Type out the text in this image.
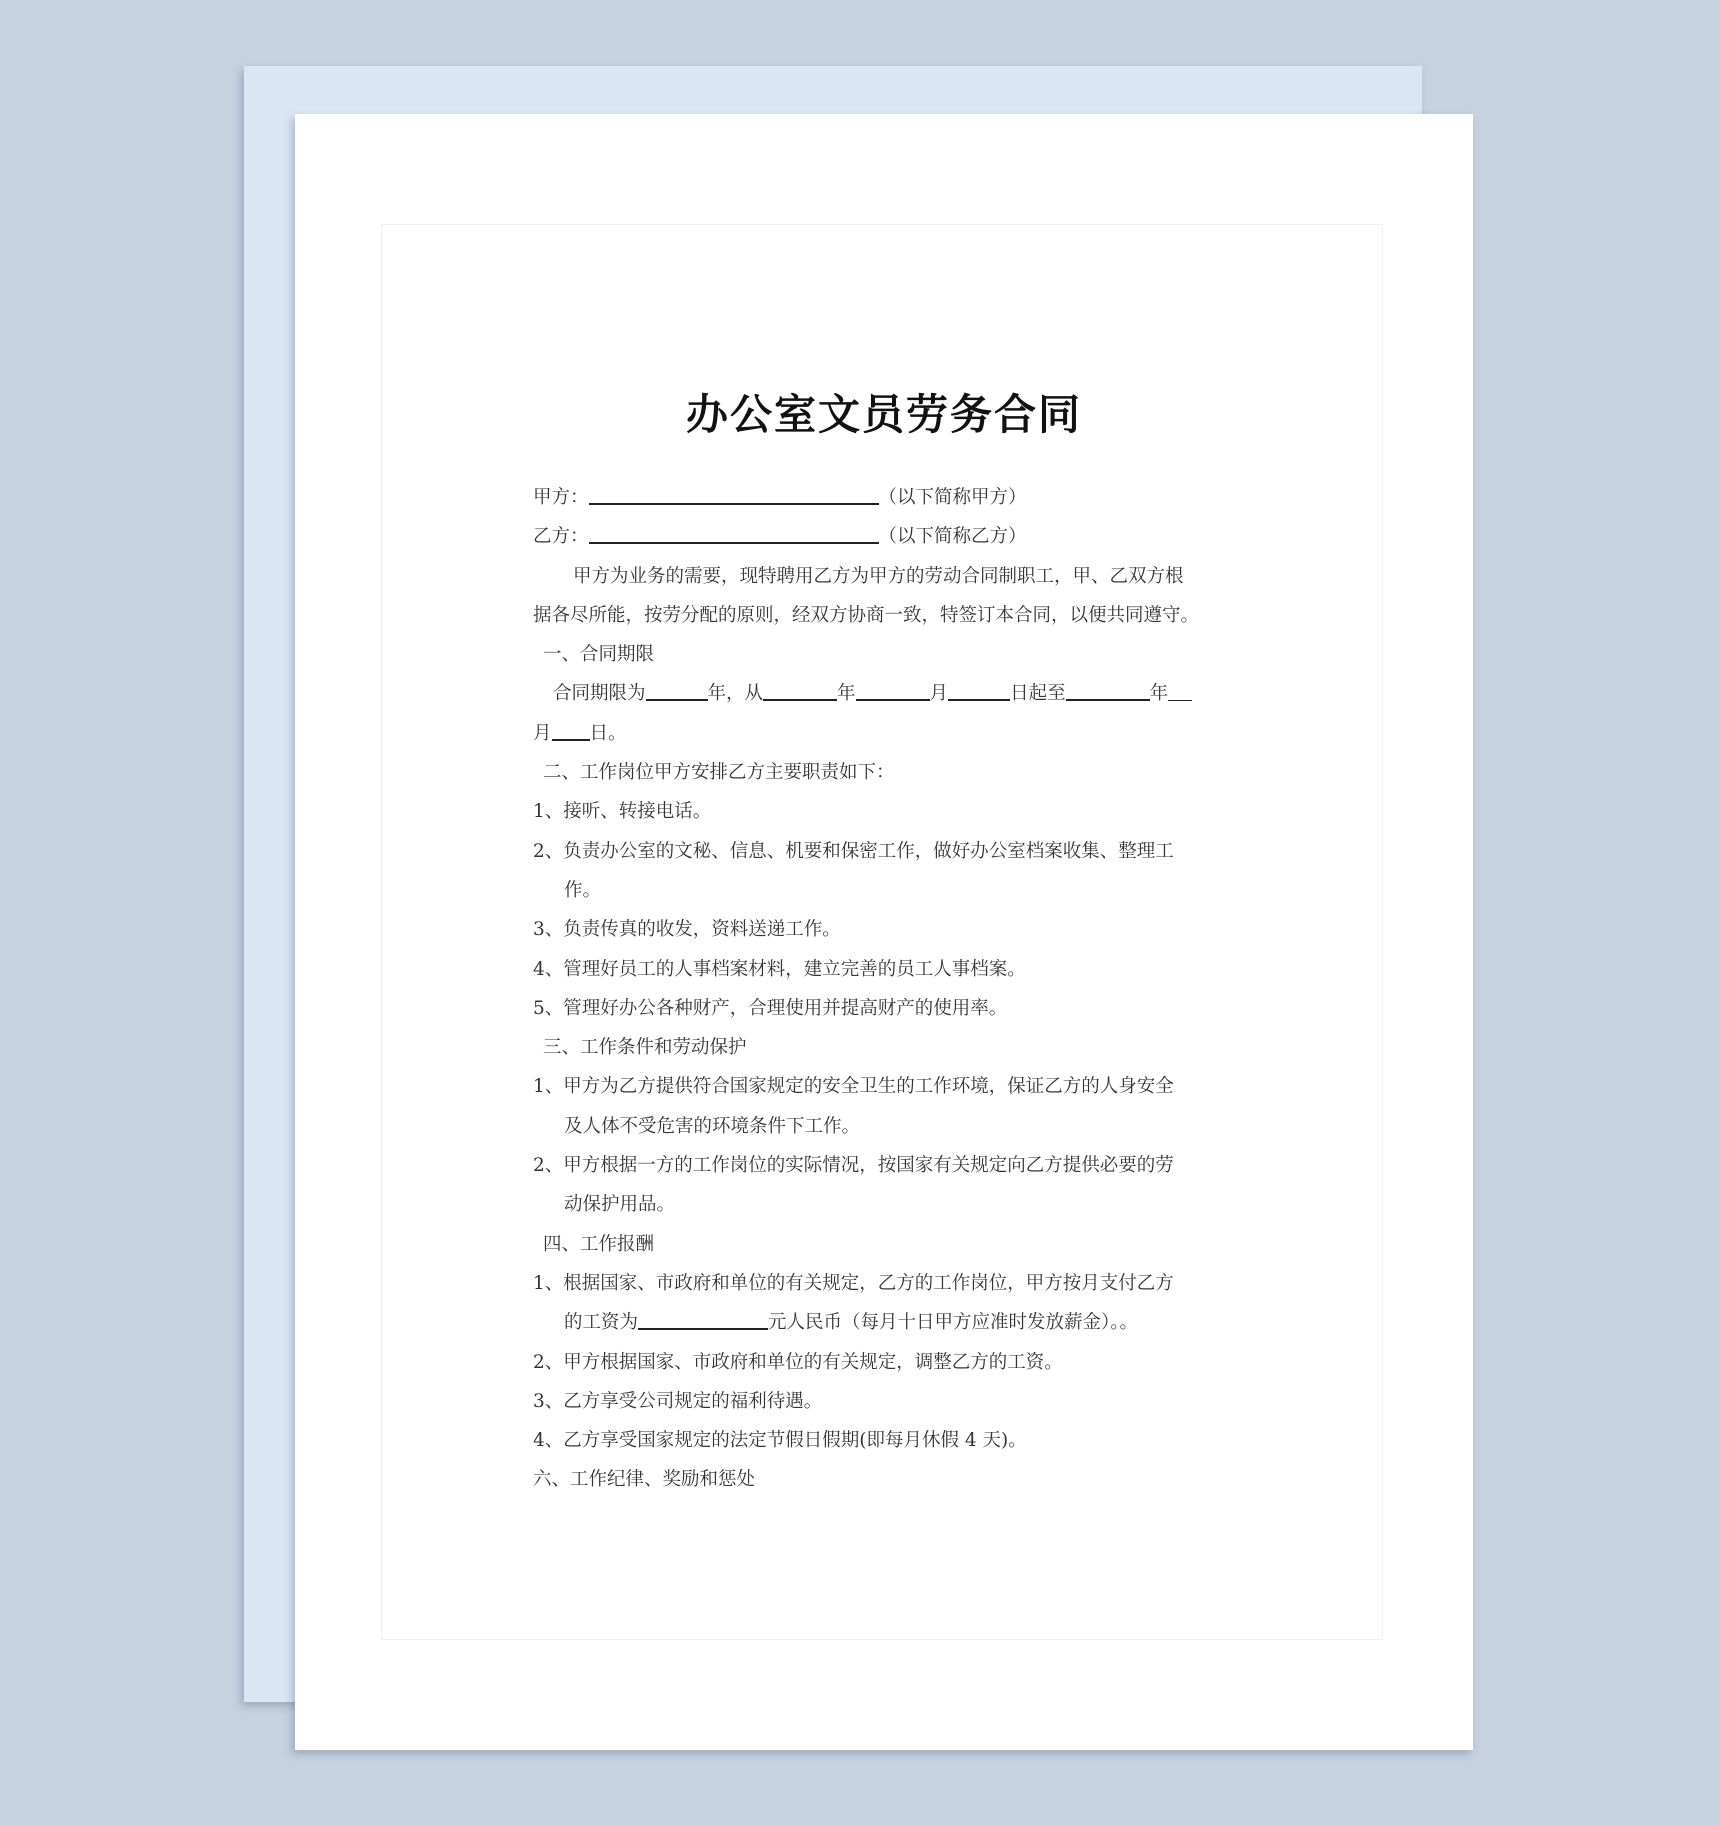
办公室文员劳务合同
甲方：	（以下简称甲方）
乙方：	（以下简称乙方）
甲方为业务的需要，现特聘用乙方为甲方的劳动合同制职工，甲、乙双方根
据各尽所能，按劳分配的原则，经双方协商一致，特签订本合同，以便共同遵守。
一、合同期限
合同期限为	年，从	年	月	日起至	年
月 日。
二、工作岗位甲方安排乙方主要职责如下：
1、接听、转接电话。
2、负责办公室的文秘、信息、机要和保密工作，做好办公室档案收集、整理工
作。
3、负责传真的收发，资料送递工作。
4、管理好员工的人事档案材料，建立完善的员工人事档案。
5、管理好办公各种财产，合理使用并提高财产的使用率。
三、工作条件和劳动保护
1、甲方为乙方提供符合国家规定的安全卫生的工作环境，保证乙方的人身安全
及人体不受危害的环境条件下工作。
2、甲方根据一方的工作岗位的实际情况，按国家有关规定向乙方提供必要的劳
动保护用品。
四、工作报酬
1、根据国家、市政府和单位的有关规定，乙方的工作岗位，甲方按月支付乙方
的工资为	元人民币（每月十日甲方应准时发放薪金）。。
2、甲方根据国家、市政府和单位的有关规定，调整乙方的工资。
3、乙方享受公司规定的福利待遇。
4、乙方享受国家规定的法定节假日假期(即每月休假 4 天)。
六、工作纪律、奖励和惩处
